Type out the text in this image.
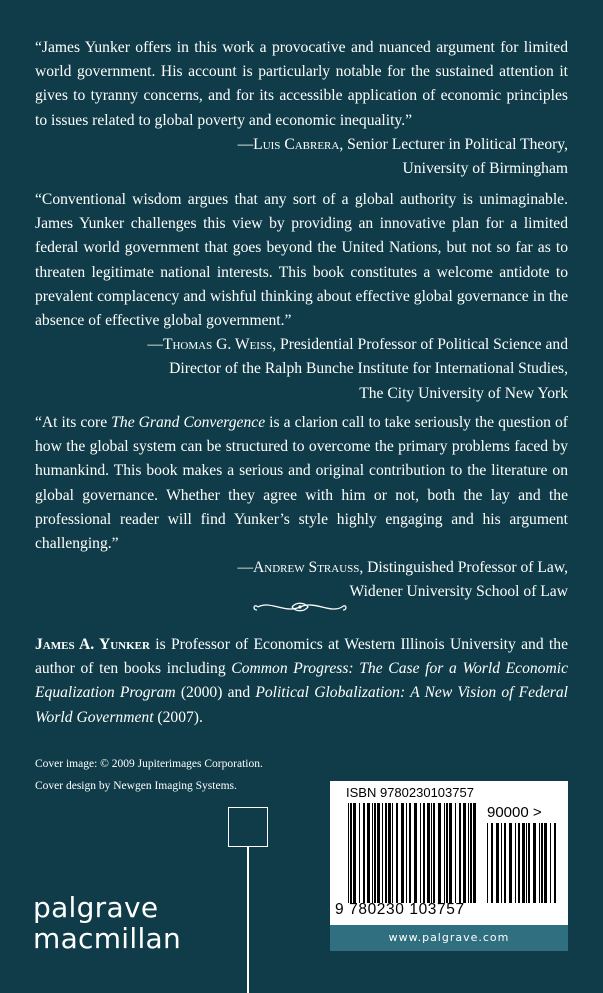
“James Yunker offers in this work a provocative and nuanced argument for limited world government. His account is particularly notable for the sustained attention it gives to tyranny concerns, and for its accessible application of economic principles to issues related to global poverty and economic inequality.”

—Luis Cabrera, Senior Lecturer in Political Theory,
University of Birmingham

“Conventional wisdom argues that any sort of a global authority is unimaginable. James Yunker challenges this view by providing an innovative plan for a limited federal world government that goes beyond the United Nations, but not so far as to threaten legitimate national interests. This book constitutes a welcome antidote to prevalent complacency and wishful thinking about effective global governance in the absence of effective global government.”

—Thomas G. Weiss, Presidential Professor of Political Science and
Director of the Ralph Bunche Institute for International Studies,
The City University of New York

“At its core The Grand Convergence is a clarion call to take seriously the question of how the global system can be structured to overcome the primary problems faced by humankind. This book makes a serious and original contribution to the literature on global governance. Whether they agree with him or not, both the lay and the professional reader will find Yunker’s style highly engaging and his argument challenging.”

—Andrew Strauss, Distinguished Professor of Law,
Widener University School of Law
James A. Yunker is Professor of Economics at Western Illinois University and the author of ten books including Common Progress: The Case for a World Economic Equalization Program (2000) and Political Globalization: A New Vision of Federal World Government (2007).
Cover image: © 2009 Jupiterimages Corporation.
Cover design by Newgen Imaging Systems.
palgrave
macmillan
ISBN 9780230103757
90000 >
9 780230 103757
www.palgrave.com
